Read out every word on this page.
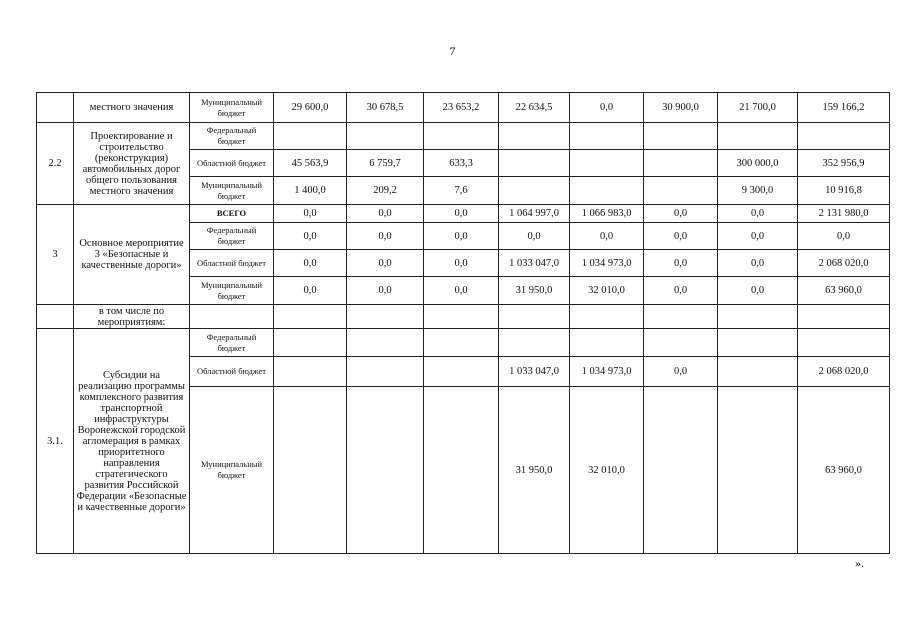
7
	местного значения	Муниципальный бюджет	29 600,0	30 678,5	23 653,2	22 634,5	0,0	30 900,0	21 700,0	159 166,2
2.2	Проектирование и строительство (реконструкция) автомобильных дорог общего пользования местного значения	Федеральный бюджет								
		Областной бюджет	45 563,9	6 759,7	633,3				300 000,0	352 956,9
		Муниципальный бюджет	1 400,0	209,2	7,6				9 300,0	10 916,8
3	Основное мероприятие 3 «Безопасные и качественные дороги»	ВСЕГО	0,0	0,0	0,0	1 064 997,0	1 066 983,0	0,0	0,0	2 131 980,0
		Федеральный бюджет	0,0	0,0	0,0	0,0	0,0	0,0	0,0	0,0
		Областной бюджет	0,0	0,0	0,0	1 033 047,0	1 034 973,0	0,0	0,0	2 068 020,0
		Муниципальный бюджет	0,0	0,0	0,0	31 950,0	32 010,0	0,0	0,0	63 960,0
	в том числе по мероприятиям:									
3.1.	Субсидии на реализацию программы комплексного развития транспортной инфраструктуры Воронежской городской агломерация в рамках приоритетного направления стратегического развития Российской Федерации «Безопасные и качественные дороги»	Федеральный бюджет								
		Областной бюджет				1 033 047,0	1 034 973,0	0,0		2 068 020,0
		Муниципальный бюджет				31 950,0	32 010,0			63 960,0
».
